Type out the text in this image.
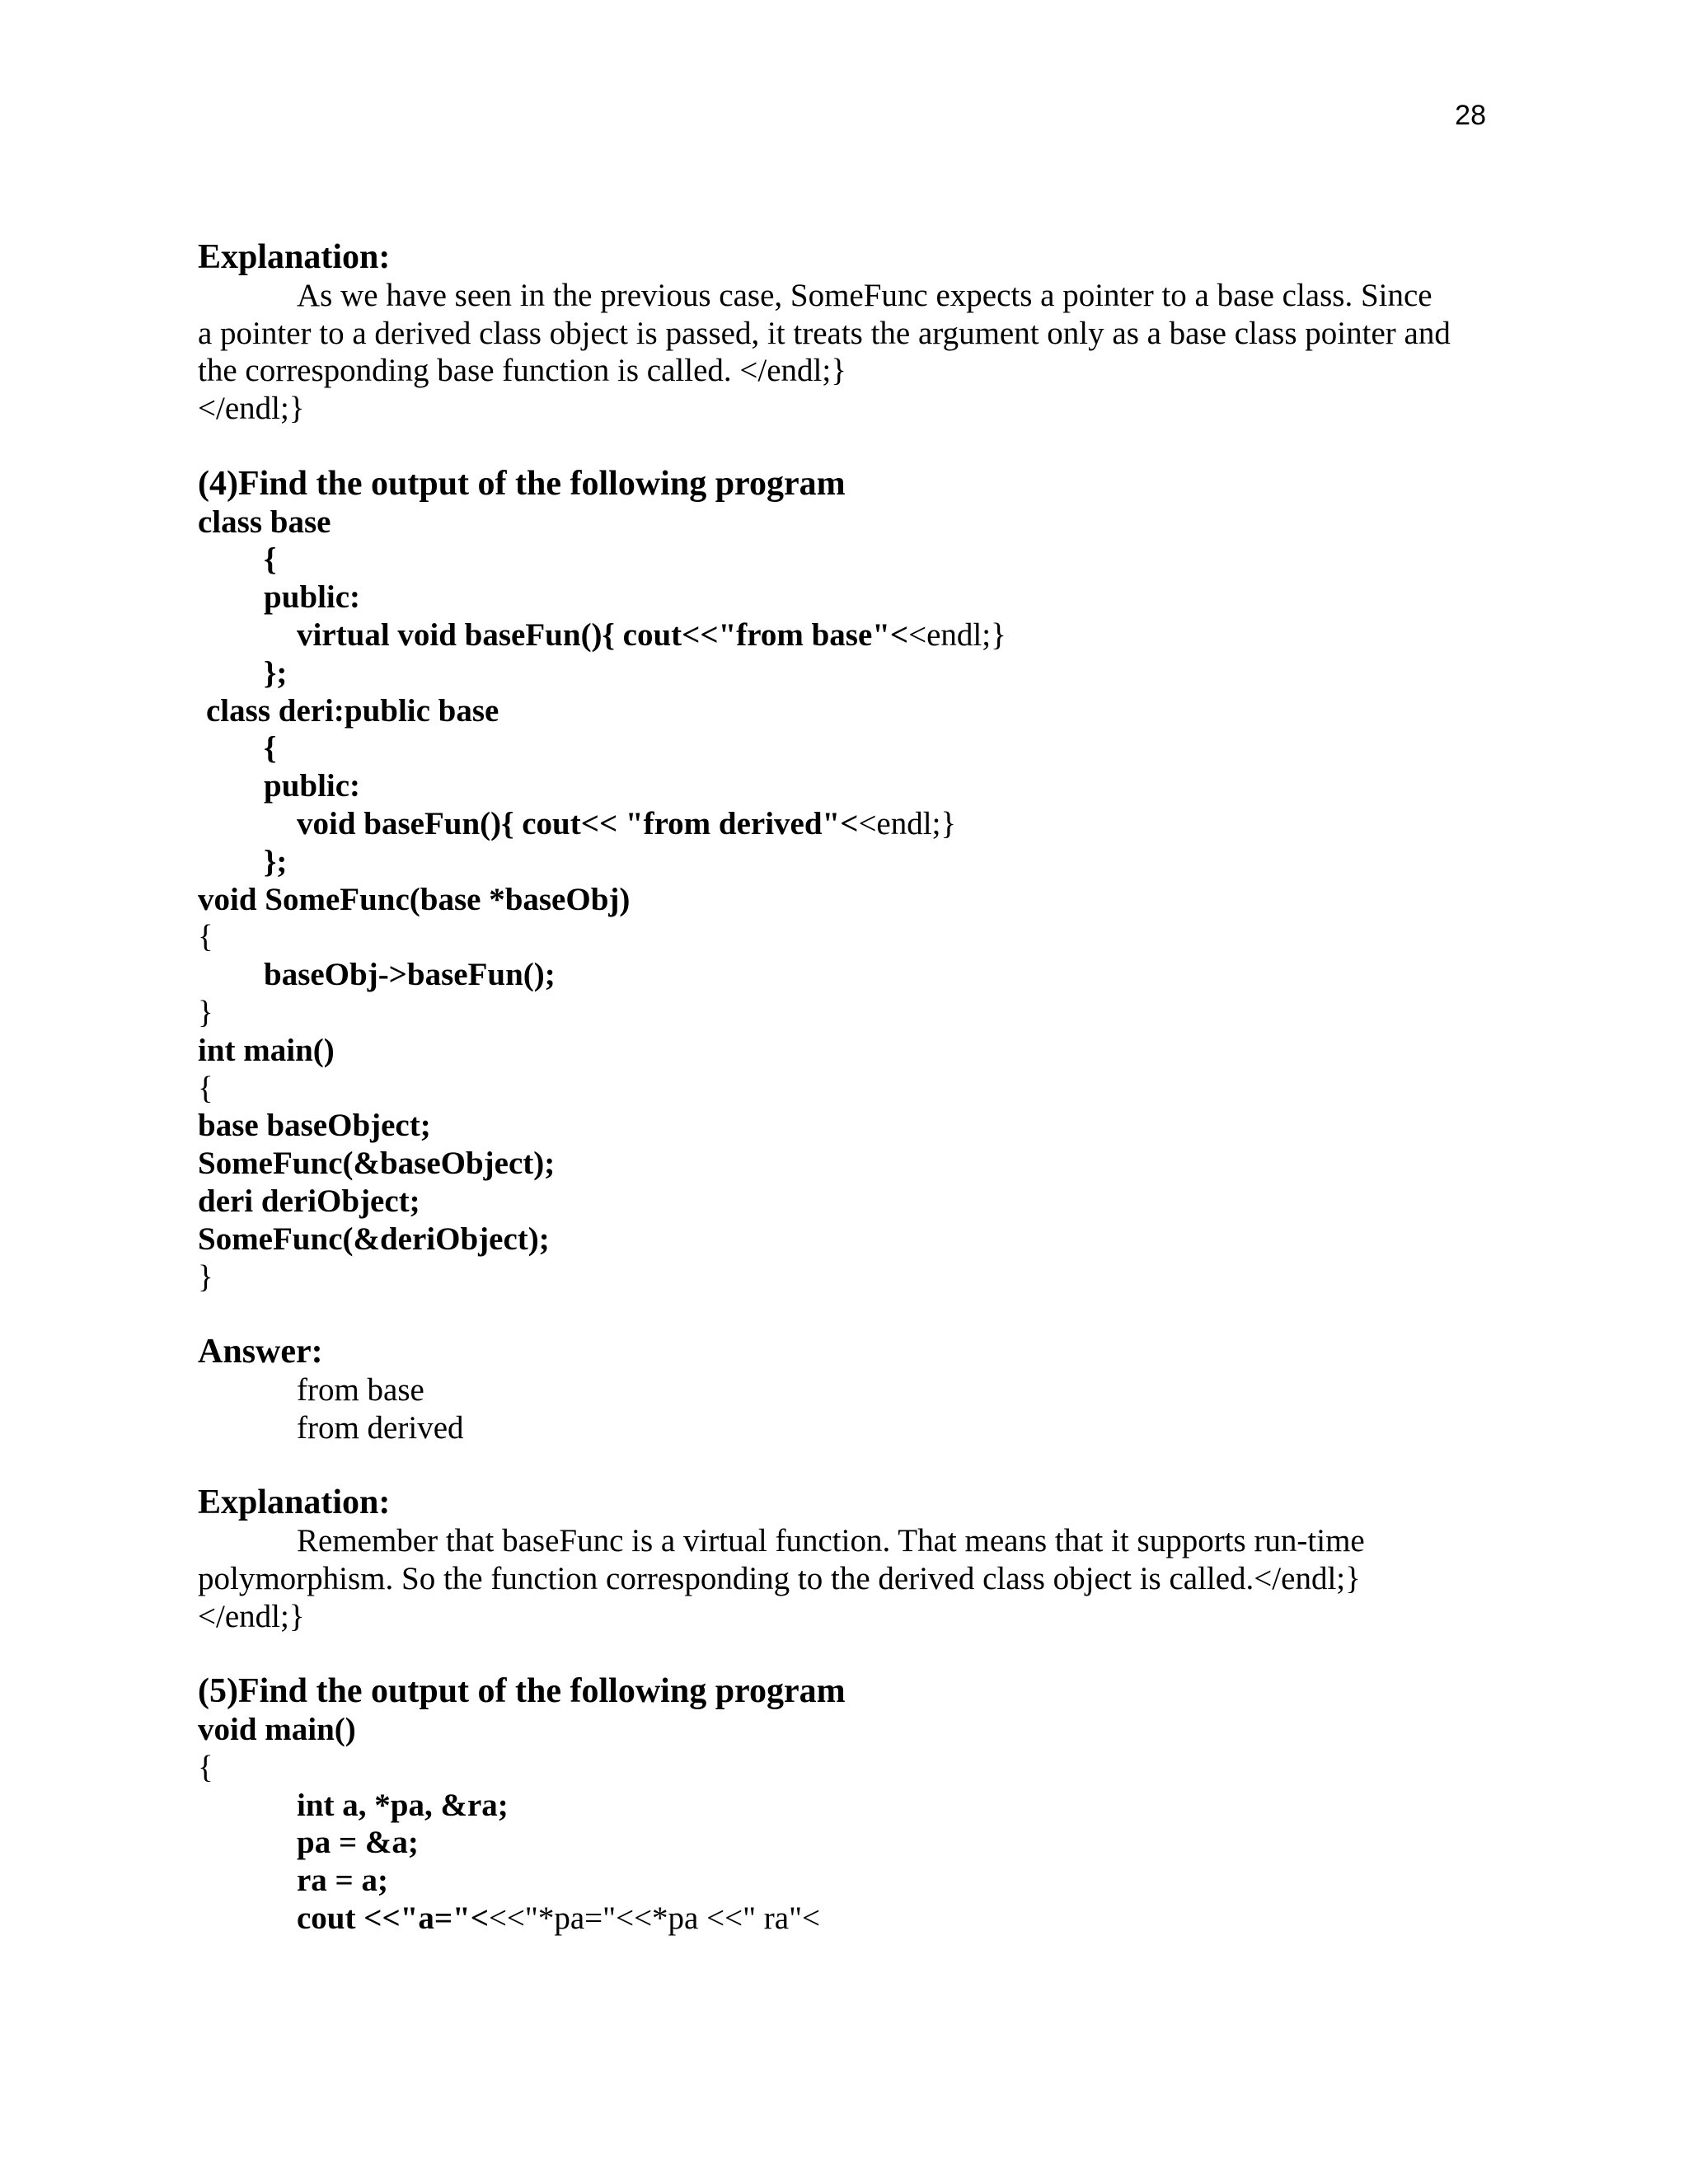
28
Explanation:
As we have seen in the previous case, SomeFunc expects a pointer to a base class. Since
a pointer to a derived class object is passed, it treats the argument only as a base class pointer and
the corresponding base function is called. </endl;}
</endl;}
(4)Find the output of the following program
class base
{
public:
virtual void baseFun(){ cout<<"from base"<<endl;}
};
class deri:public base
{
public:
void baseFun(){ cout<< "from derived"<<endl;}
};
void SomeFunc(base *baseObj)
{
baseObj->baseFun();
}
int main()
{
base baseObject;
SomeFunc(&baseObject);
deri deriObject;
SomeFunc(&deriObject);
}
Answer:
from base
from derived
Explanation:
Remember that baseFunc is a virtual function. That means that it supports run-time
polymorphism. So the function corresponding to the derived class object is called.</endl;}
</endl;}
(5)Find the output of the following program
void main()
{
int a, *pa, &ra;
pa = &a;
ra = a;
cout <<"a="<<<"*pa="<<*pa <<" ra"<
